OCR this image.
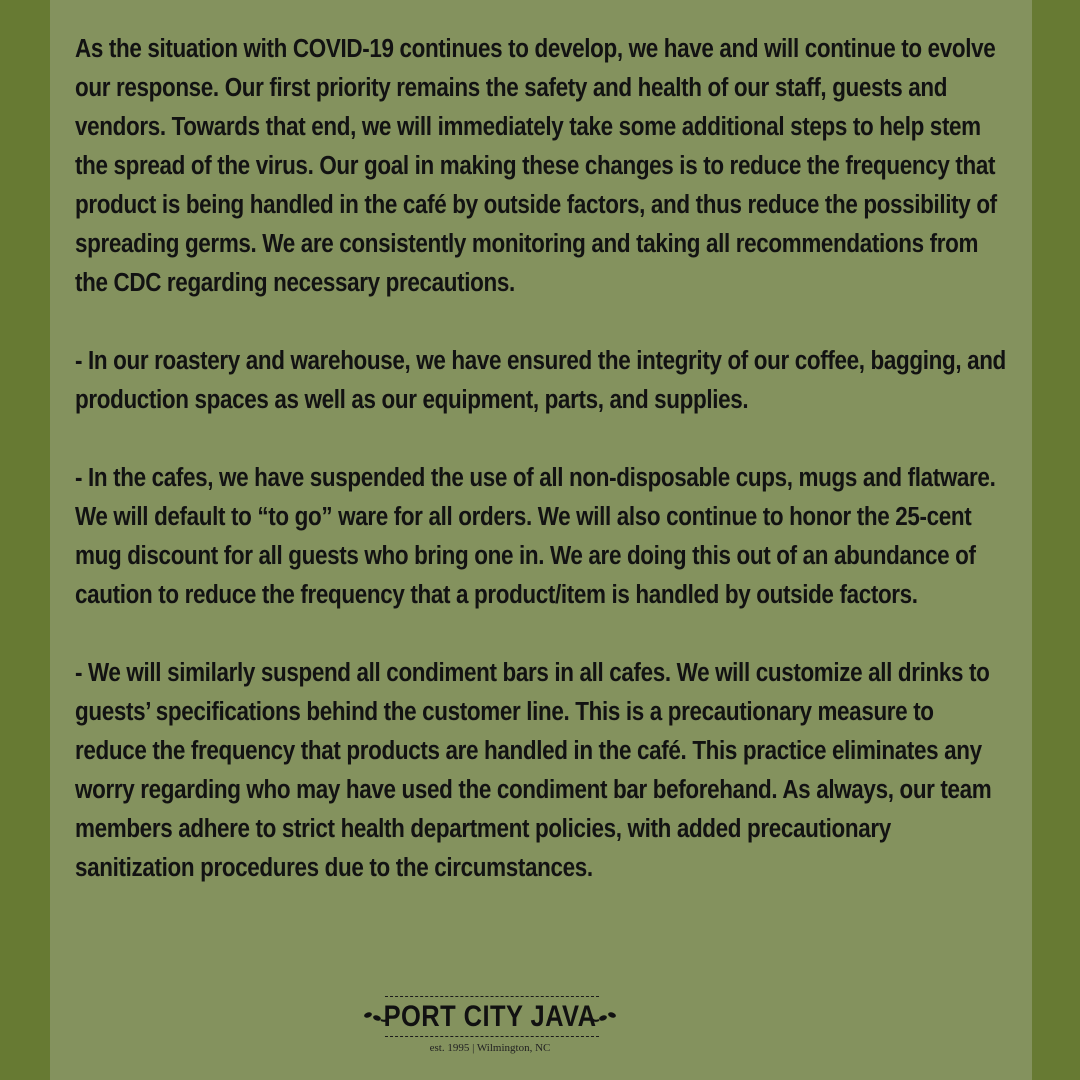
As the situation with COVID-19 continues to develop, we have and will continue to evolve our response. Our first priority remains the safety and health of our staff, guests and vendors. Towards that end, we will immediately take some additional steps to help stem the spread of the virus. Our goal in making these changes is to reduce the frequency that product is being handled in the café by outside factors, and thus reduce the possibility of spreading germs. We are consistently monitoring and taking all recommendations from the CDC regarding necessary precautions.

- In our roastery and warehouse, we have ensured the integrity of our coffee, bagging, and production spaces as well as our equipment, parts, and supplies.

- In the cafes, we have suspended the use of all non-disposable cups, mugs and flatware. We will default to “to go” ware for all orders. We will also continue to honor the 25-cent mug discount for all guests who bring one in. We are doing this out of an abundance of caution to reduce the frequency that a product/item is handled by outside factors.

- We will similarly suspend all condiment bars in all cafes. We will customize all drinks to guests’ specifications behind the customer line. This is a precautionary measure to reduce the frequency that products are handled in the café. This practice eliminates any worry regarding who may have used the condiment bar beforehand. As always, our team members adhere to strict health department policies, with added precautionary sanitization procedures due to the circumstances.

PORT CITY JAVA
est. 1995 | Wilmington, NC
